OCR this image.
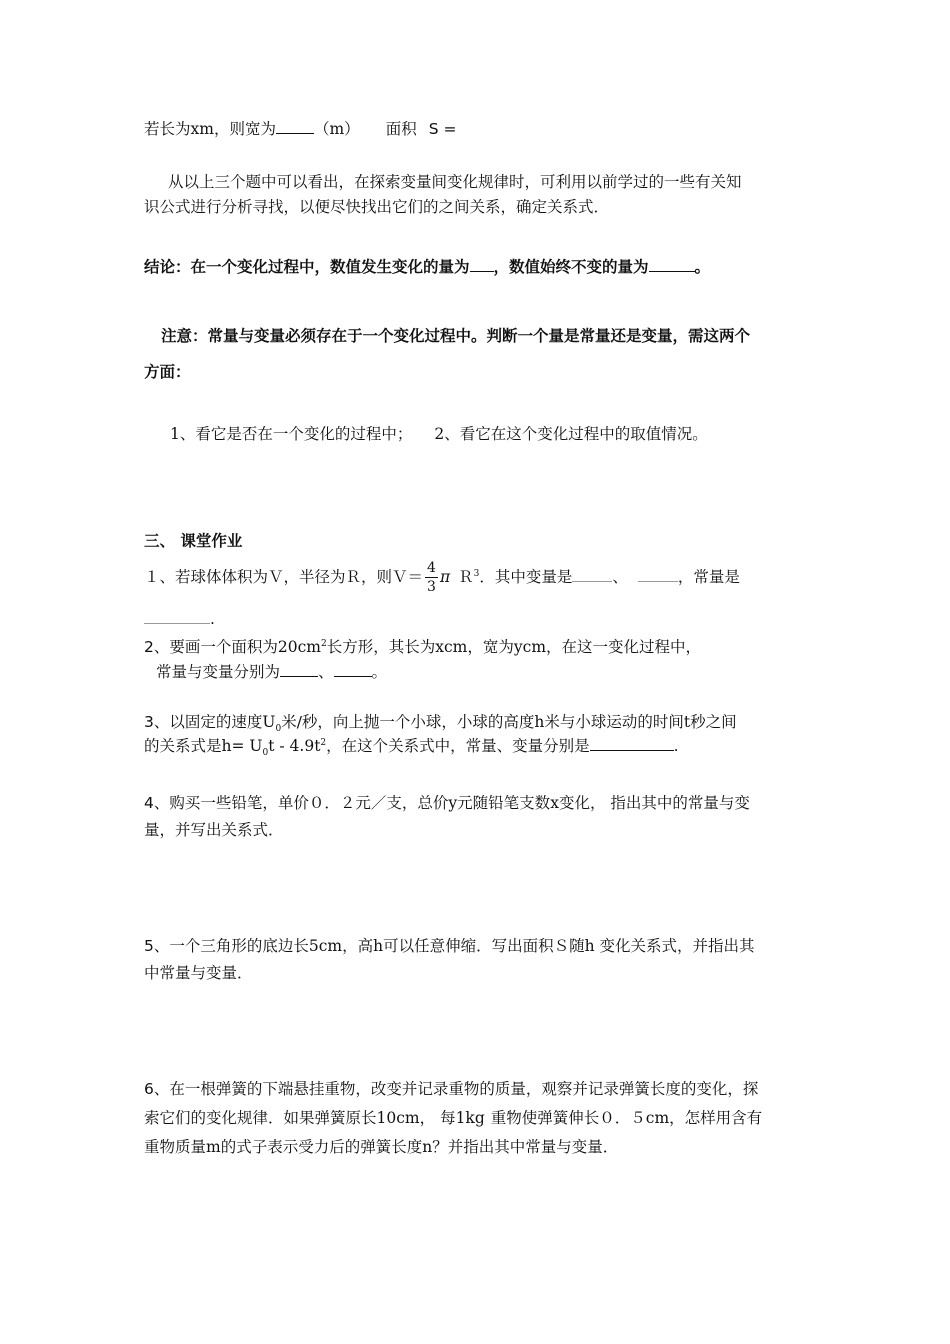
若长为xm，则宽为 （m） 面积 S =
从以上三个题中可以看出，在探索变量间变化规律时，可利用以前学过的一些有关知
识公式进行分析寻找，以便尽快找出它们的之间关系，确定关系式．
结论：在一个变化过程中，数值发生变化的量为 ，数值始终不变的量为	。
注意：常量与变量必须存在于一个变化过程中。判断一个量是常量还是变量，需这两个
方面：
1、看它是否在一个变化的过程中； 2、看它在这个变化过程中的取值情况。
三、 课堂作业
１、若球体体积为Ｖ，半径为Ｒ，则Ｖ＝ $\frac{4}{3}$ π Ｒ$^3$．其中变量是	、	，常量是
.
2、要画一个面积为$20cm^2$长方形，其长为xcm，宽为ycm，在这一变化过程中，
常量与变量分别为 、 。
3、以固定的速度$U_0$米/秒，向上抛一个小球，小球的高度h米与小球运动的时间t秒之间
的关系式是$h= U_0t - 4.9t^2$，在这个关系式中，常量、变量分别是	.
4、购买一些铅笔，单价０．２元／支，总价y元随铅笔支数x变化， 指出其中的常量与变
量，并写出关系式．
5、一个三角形的底边长5cm，高h可以任意伸缩．写出面积Ｓ随h 变化关系式，并指出其
中常量与变量．
6、在一根弹簧的下端悬挂重物，改变并记录重物的质量，观察并记录弹簧长度的变化，探
索它们的变化规律．如果弹簧原长10cm， 每1kg 重物使弹簧伸长０．５cm，怎样用含有
重物质量m的式子表示受力后的弹簧长度n？并指出其中常量与变量．
